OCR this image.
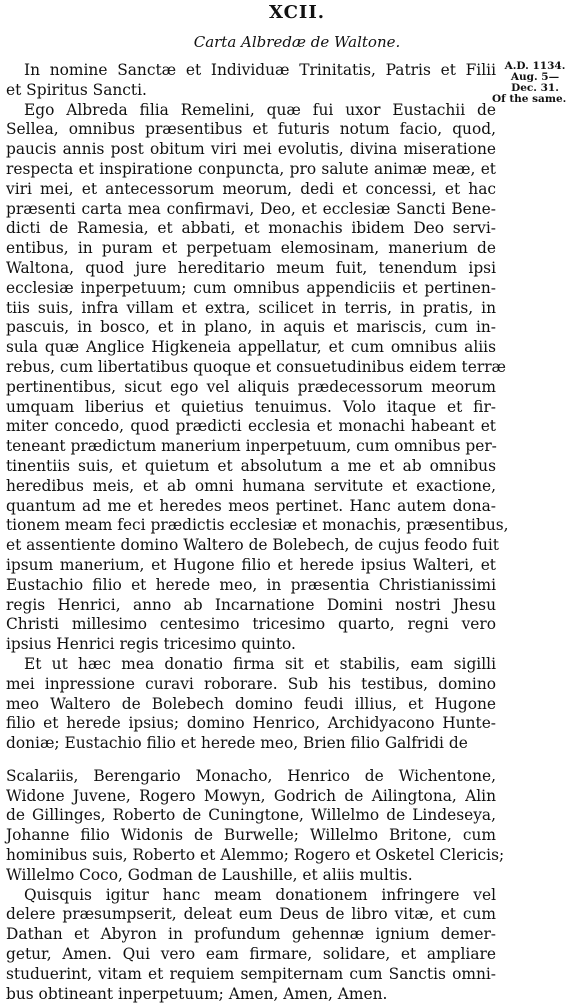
XCII.
Carta Albredæ de Waltone.
A.D. 1134.
Aug. 5—
Dec. 31.
Of the same.
In nomine Sanctæ et Individuæ Trinitatis, Patris et Filii
et Spiritus Sancti.
Ego Albreda filia Remelini, quæ fui uxor Eustachii de
Sellea, omnibus præsentibus et futuris notum facio, quod,
paucis annis post obitum viri mei evolutis, divina miseratione
respecta et inspiratione conpuncta, pro salute animæ meæ, et
viri mei, et antecessorum meorum, dedi et concessi, et hac
præsenti carta mea confirmavi, Deo, et ecclesiæ Sancti Bene-
dicti de Ramesia, et abbati, et monachis ibidem Deo servi-
entibus, in puram et perpetuam elemosinam, manerium de
Waltona, quod jure hereditario meum fuit, tenendum ipsi
ecclesiæ inperpetuum; cum omnibus appendiciis et pertinen-
tiis suis, infra villam et extra, scilicet in terris, in pratis, in
pascuis, in bosco, et in plano, in aquis et mariscis, cum in-
sula quæ Anglice Higkeneia appellatur, et cum omnibus aliis
rebus, cum libertatibus quoque et consuetudinibus eidem terræ
pertinentibus, sicut ego vel aliquis prædecessorum meorum
umquam liberius et quietius tenuimus. Volo itaque et fir-
miter concedo, quod prædicti ecclesia et monachi habeant et
teneant prædictum manerium inperpetuum, cum omnibus per-
tinentiis suis, et quietum et absolutum a me et ab omnibus
heredibus meis, et ab omni humana servitute et exactione,
quantum ad me et heredes meos pertinet. Hanc autem dona-
tionem meam feci prædictis ecclesiæ et monachis, præsentibus,
et assentiente domino Waltero de Bolebech, de cujus feodo fuit
ipsum manerium, et Hugone filio et herede ipsius Walteri, et
Eustachio filio et herede meo, in præsentia Christianissimi
regis Henrici, anno ab Incarnatione Domini nostri Jhesu
Christi millesimo centesimo tricesimo quarto, regni vero
ipsius Henrici regis tricesimo quinto.
Et ut hæc mea donatio firma sit et stabilis, eam sigilli
mei inpressione curavi roborare. Sub his testibus, domino
meo Waltero de Bolebech domino feudi illius, et Hugone
filio et herede ipsius; domino Henrico, Archidyacono Hunte-
doniæ; Eustachio filio et herede meo, Brien filio Galfridi de
Scalariis, Berengario Monacho, Henrico de Wichentone,
Widone Juvene, Rogero Mowyn, Godrich de Ailingtona, Alin
de Gillinges, Roberto de Cuningtone, Willelmo de Lindeseya,
Johanne filio Widonis de Burwelle; Willelmo Britone, cum
hominibus suis, Roberto et Alemmo; Rogero et Osketel Clericis;
Willelmo Coco, Godman de Laushille, et aliis multis.
Quisquis igitur hanc meam donationem infringere vel
delere præsumpserit, deleat eum Deus de libro vitæ, et cum
Dathan et Abyron in profundum gehennæ ignium demer-
getur, Amen. Qui vero eam firmare, solidare, et ampliare
studuerint, vitam et requiem sempiternam cum Sanctis omni-
bus obtineant inperpetuum; Amen, Amen, Amen.
